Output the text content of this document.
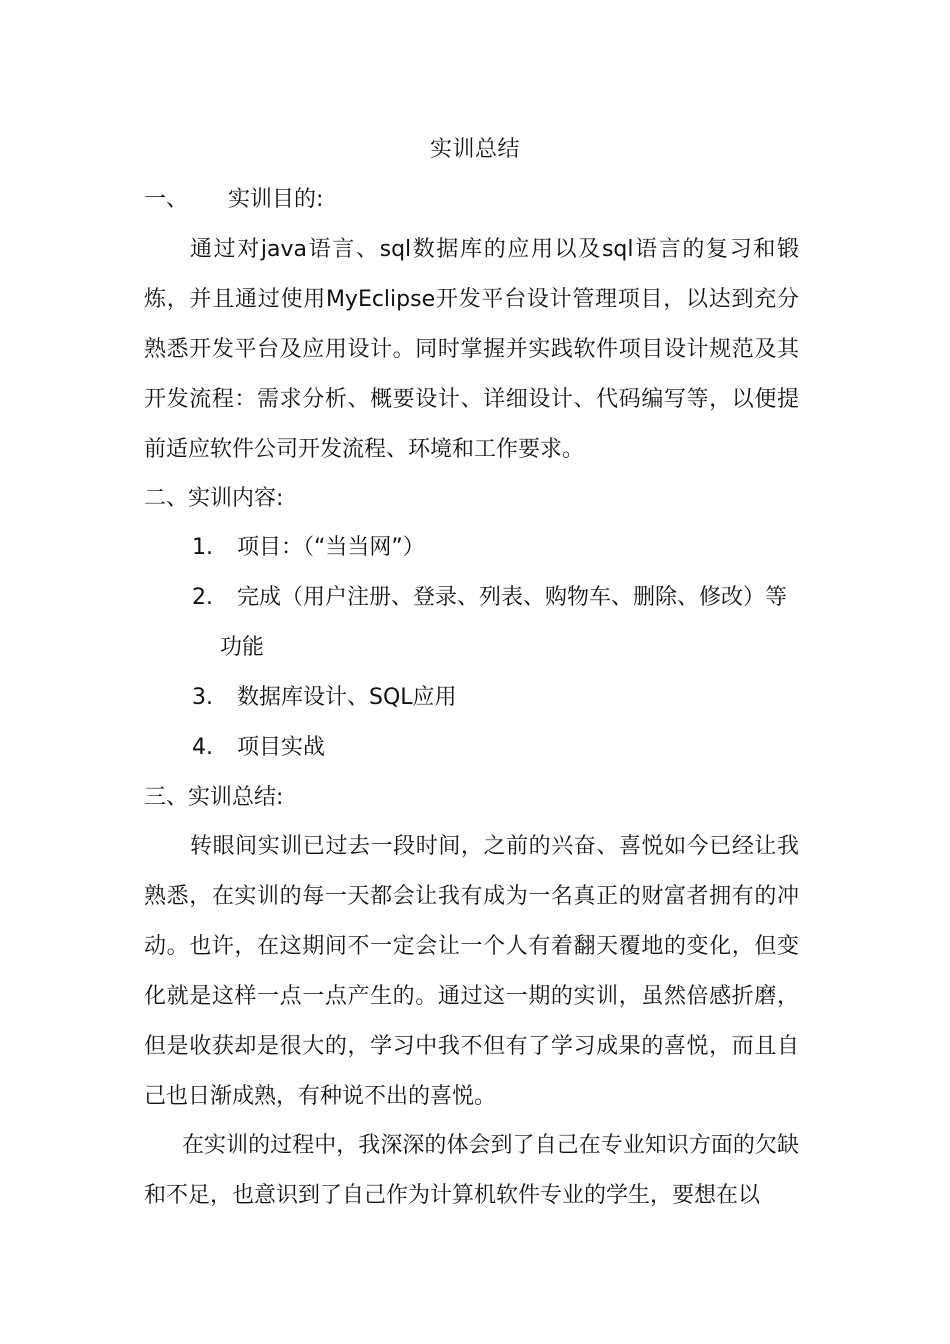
实训总结
一、 实训目的:
通过对java语言、sql数据库的应用以及sql语言的复习和锻炼，并且通过使用MyEclipse开发平台设计管理项目，以达到充分熟悉开发平台及应用设计。同时掌握并实践软件项目设计规范及其开发流程：需求分析、概要设计、详细设计、代码编写等，以便提前适应软件公司开发流程、环境和工作要求。
二、实训内容:
1. 项目：（“当当网”）
2. 完成（用户注册、登录、列表、购物车、删除、修改）等
功能
3. 数据库设计、SQL应用
4. 项目实战
三、实训总结:
转眼间实训已过去一段时间，之前的兴奋、喜悦如今已经让我熟悉，在实训的每一天都会让我有成为一名真正的财富者拥有的冲动。也许，在这期间不一定会让一个人有着翻天覆地的变化，但变化就是这样一点一点产生的。通过这一期的实训，虽然倍感折磨，但是收获却是很大的，学习中我不但有了学习成果的喜悦，而且自己也日渐成熟，有种说不出的喜悦。
在实训的过程中，我深深的体会到了自己在专业知识方面的欠缺和不足，也意识到了自己作为计算机软件专业的学生，要想在以
